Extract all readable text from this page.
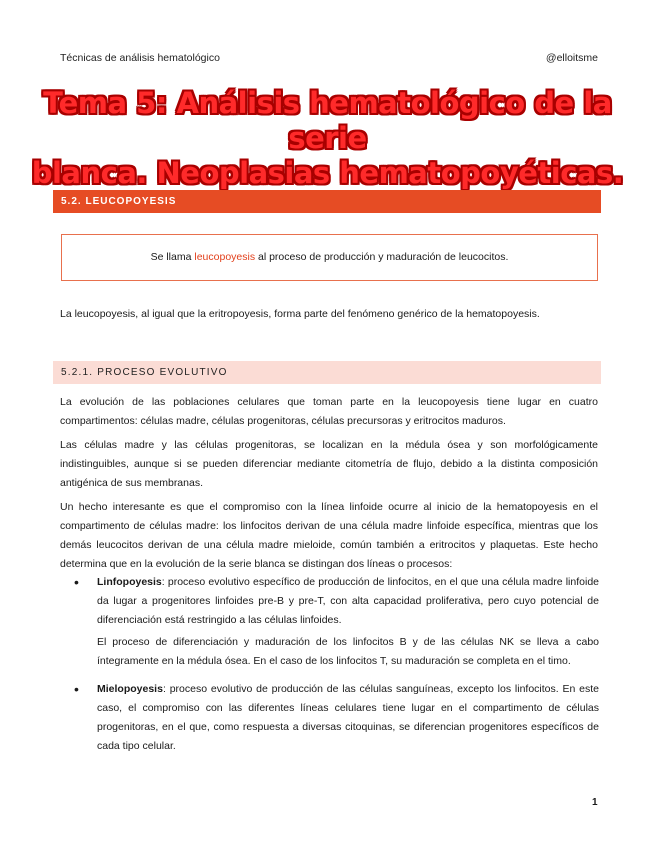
Técnicas de análisis hematológico	@elloitsme
Tema 5: Análisis hematológico de la serie
blanca. Neoplasias hematopoyéticas.
5.2. LEUCOPOYESIS
Se llama leucopoyesis al proceso de producción y maduración de leucocitos.
La leucopoyesis, al igual que la eritropoyesis, forma parte del fenómeno genérico de la hematopoyesis.
5.2.1. PROCESO EVOLUTIVO
La evolución de las poblaciones celulares que toman parte en la leucopoyesis tiene lugar en cuatro compartimentos: células madre, células progenitoras, células precursoras y eritrocitos maduros.
Las células madre y las células progenitoras, se localizan en la médula ósea y son morfológicamente indistinguibles, aunque si se pueden diferenciar mediante citometría de flujo, debido a la distinta composición antigénica de sus membranas.
Un hecho interesante es que el compromiso con la línea linfoide ocurre al inicio de la hematopoyesis en el compartimento de células madre: los linfocitos derivan de una célula madre linfoide específica, mientras que los demás leucocitos derivan de una célula madre mieloide, común también a eritrocitos y plaquetas. Este hecho determina que en la evolución de la serie blanca se distingan dos líneas o procesos:
• Linfopoyesis: proceso evolutivo específico de producción de linfocitos, en el que una célula madre linfoide da lugar a progenitores linfoides pre-B y pre-T, con alta capacidad proliferativa, pero cuyo potencial de diferenciación está restringido a las células linfoides.
El proceso de diferenciación y maduración de los linfocitos B y de las células NK se lleva a cabo íntegramente en la médula ósea. En el caso de los linfocitos T, su maduración se completa en el timo.
• Mielopoyesis: proceso evolutivo de producción de las células sanguíneas, excepto los linfocitos. En este caso, el compromiso con las diferentes líneas celulares tiene lugar en el compartimento de células progenitoras, en el que, como respuesta a diversas citoquinas, se diferencian progenitores específicos de cada tipo celular.
1
